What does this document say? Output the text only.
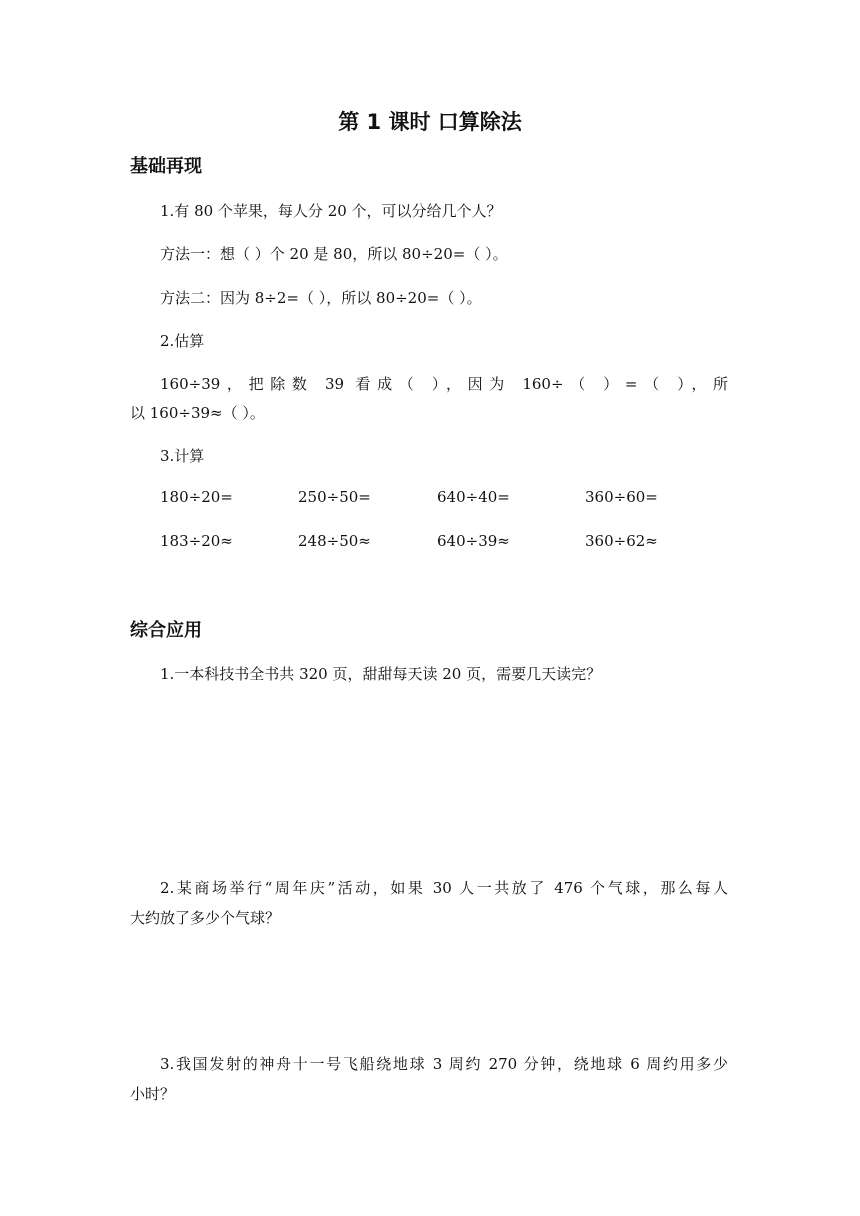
第 1 课时 口算除法
基础再现
1.有 80 个苹果，每人分 20 个，可以分给几个人？
方法一：想（ ）个 20 是 80，所以 80÷20=（ ）。
方法二：因为 8÷2=（ ），所以 80÷20=（ ）。
2.估算
160÷39，把除数 39 看成（ ），因为 160÷（ ）=（ ），所
以 160÷39≈（ ）。
3.计算
180÷20=	250÷50=	640÷40=	360÷60=
183÷20≈	248÷50≈	640÷39≈	360÷62≈
综合应用
1.一本科技书全书共 320 页，甜甜每天读 20 页，需要几天读完？
2.某商场举行“周年庆”活动，如果 30 人一共放了 476 个气球，那么每人
大约放了多少个气球？
3.我国发射的神舟十一号飞船绕地球 3 周约 270 分钟，绕地球 6 周约用多少
小时？
